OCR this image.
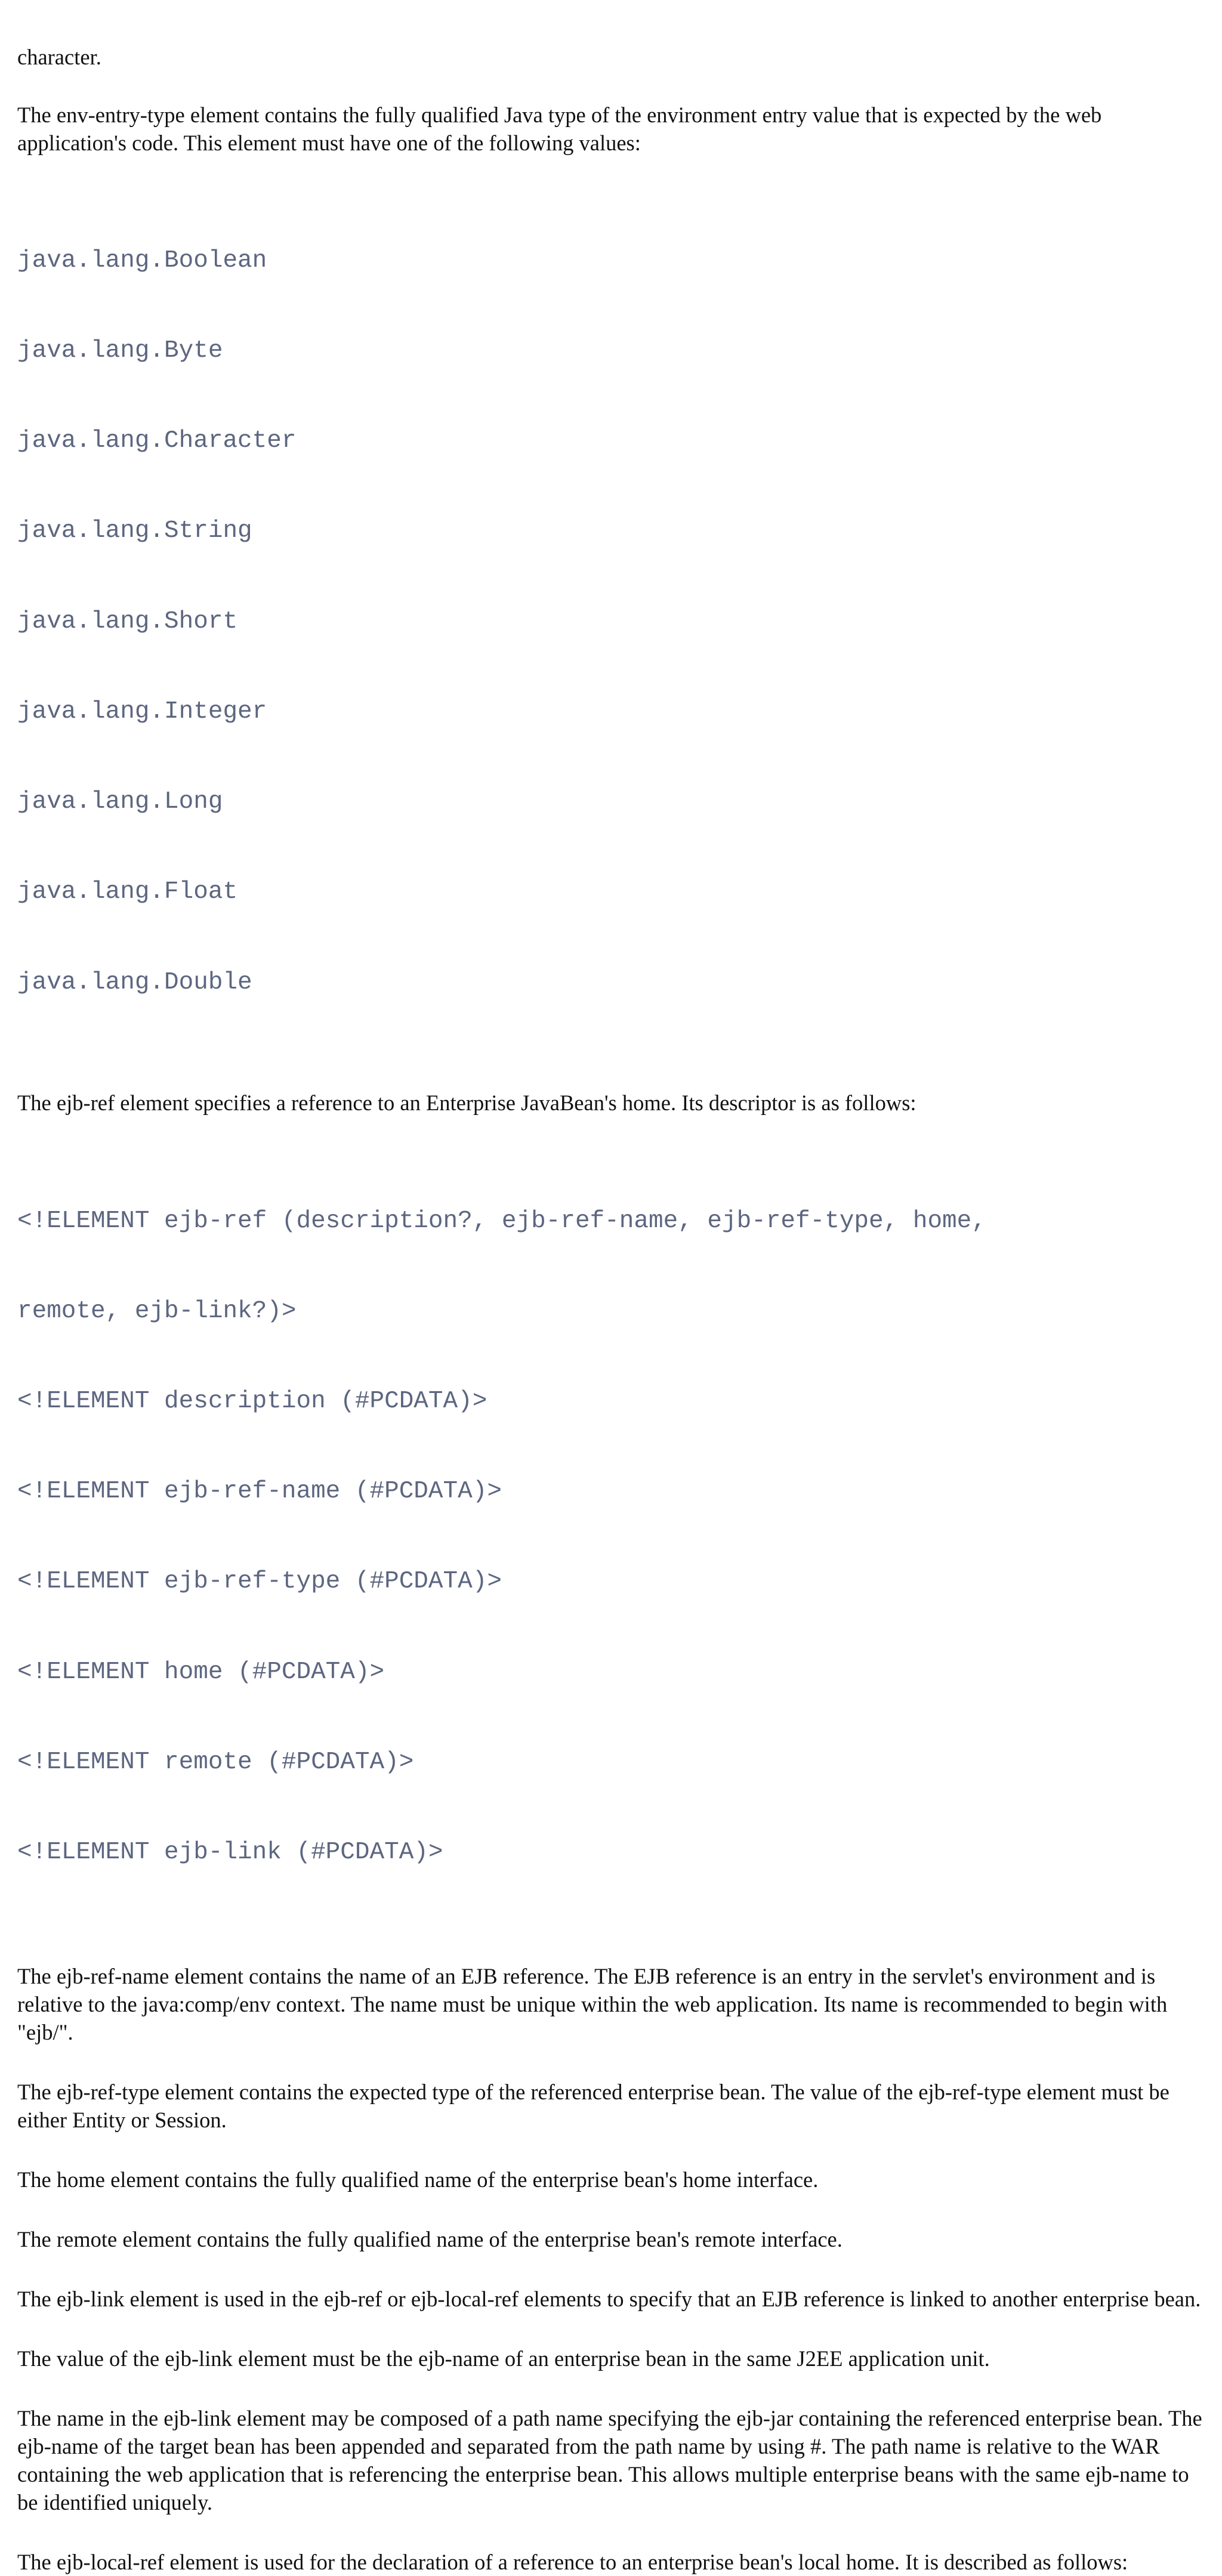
character.

The env-entry-type element contains the fully qualified Java type of the environment entry value that is expected by the web application's code. This element must have one of the following values:

java.lang.Boolean

java.lang.Byte

java.lang.Character

java.lang.String

java.lang.Short

java.lang.Integer

java.lang.Long

java.lang.Float

java.lang.Double

The ejb-ref element specifies a reference to an Enterprise JavaBean's home. Its descriptor is as follows:

<!ELEMENT ejb-ref (description?, ejb-ref-name, ejb-ref-type, home,

remote, ejb-link?)>

<!ELEMENT description (#PCDATA)>

<!ELEMENT ejb-ref-name (#PCDATA)>

<!ELEMENT ejb-ref-type (#PCDATA)>

<!ELEMENT home (#PCDATA)>

<!ELEMENT remote (#PCDATA)>

<!ELEMENT ejb-link (#PCDATA)>

The ejb-ref-name element contains the name of an EJB reference. The EJB reference is an entry in the servlet's environment and is relative to the java:comp/env context. The name must be unique within the web application. Its name is recommended to begin with "ejb/".

The ejb-ref-type element contains the expected type of the referenced enterprise bean. The value of the ejb-ref-type element must be either Entity or Session.

The home element contains the fully qualified name of the enterprise bean's home interface.

The remote element contains the fully qualified name of the enterprise bean's remote interface.

The ejb-link element is used in the ejb-ref or ejb-local-ref elements to specify that an EJB reference is linked to another enterprise bean.

The value of the ejb-link element must be the ejb-name of an enterprise bean in the same J2EE application unit.

The name in the ejb-link element may be composed of a path name specifying the ejb-jar containing the referenced enterprise bean. The ejb-name of the target bean has been appended and separated from the path name by using #. The path name is relative to the WAR containing the web application that is referencing the enterprise bean. This allows multiple enterprise beans with the same ejb-name to be identified uniquely.

The ejb-local-ref element is used for the declaration of a reference to an enterprise bean's local home. It is described as follows:
